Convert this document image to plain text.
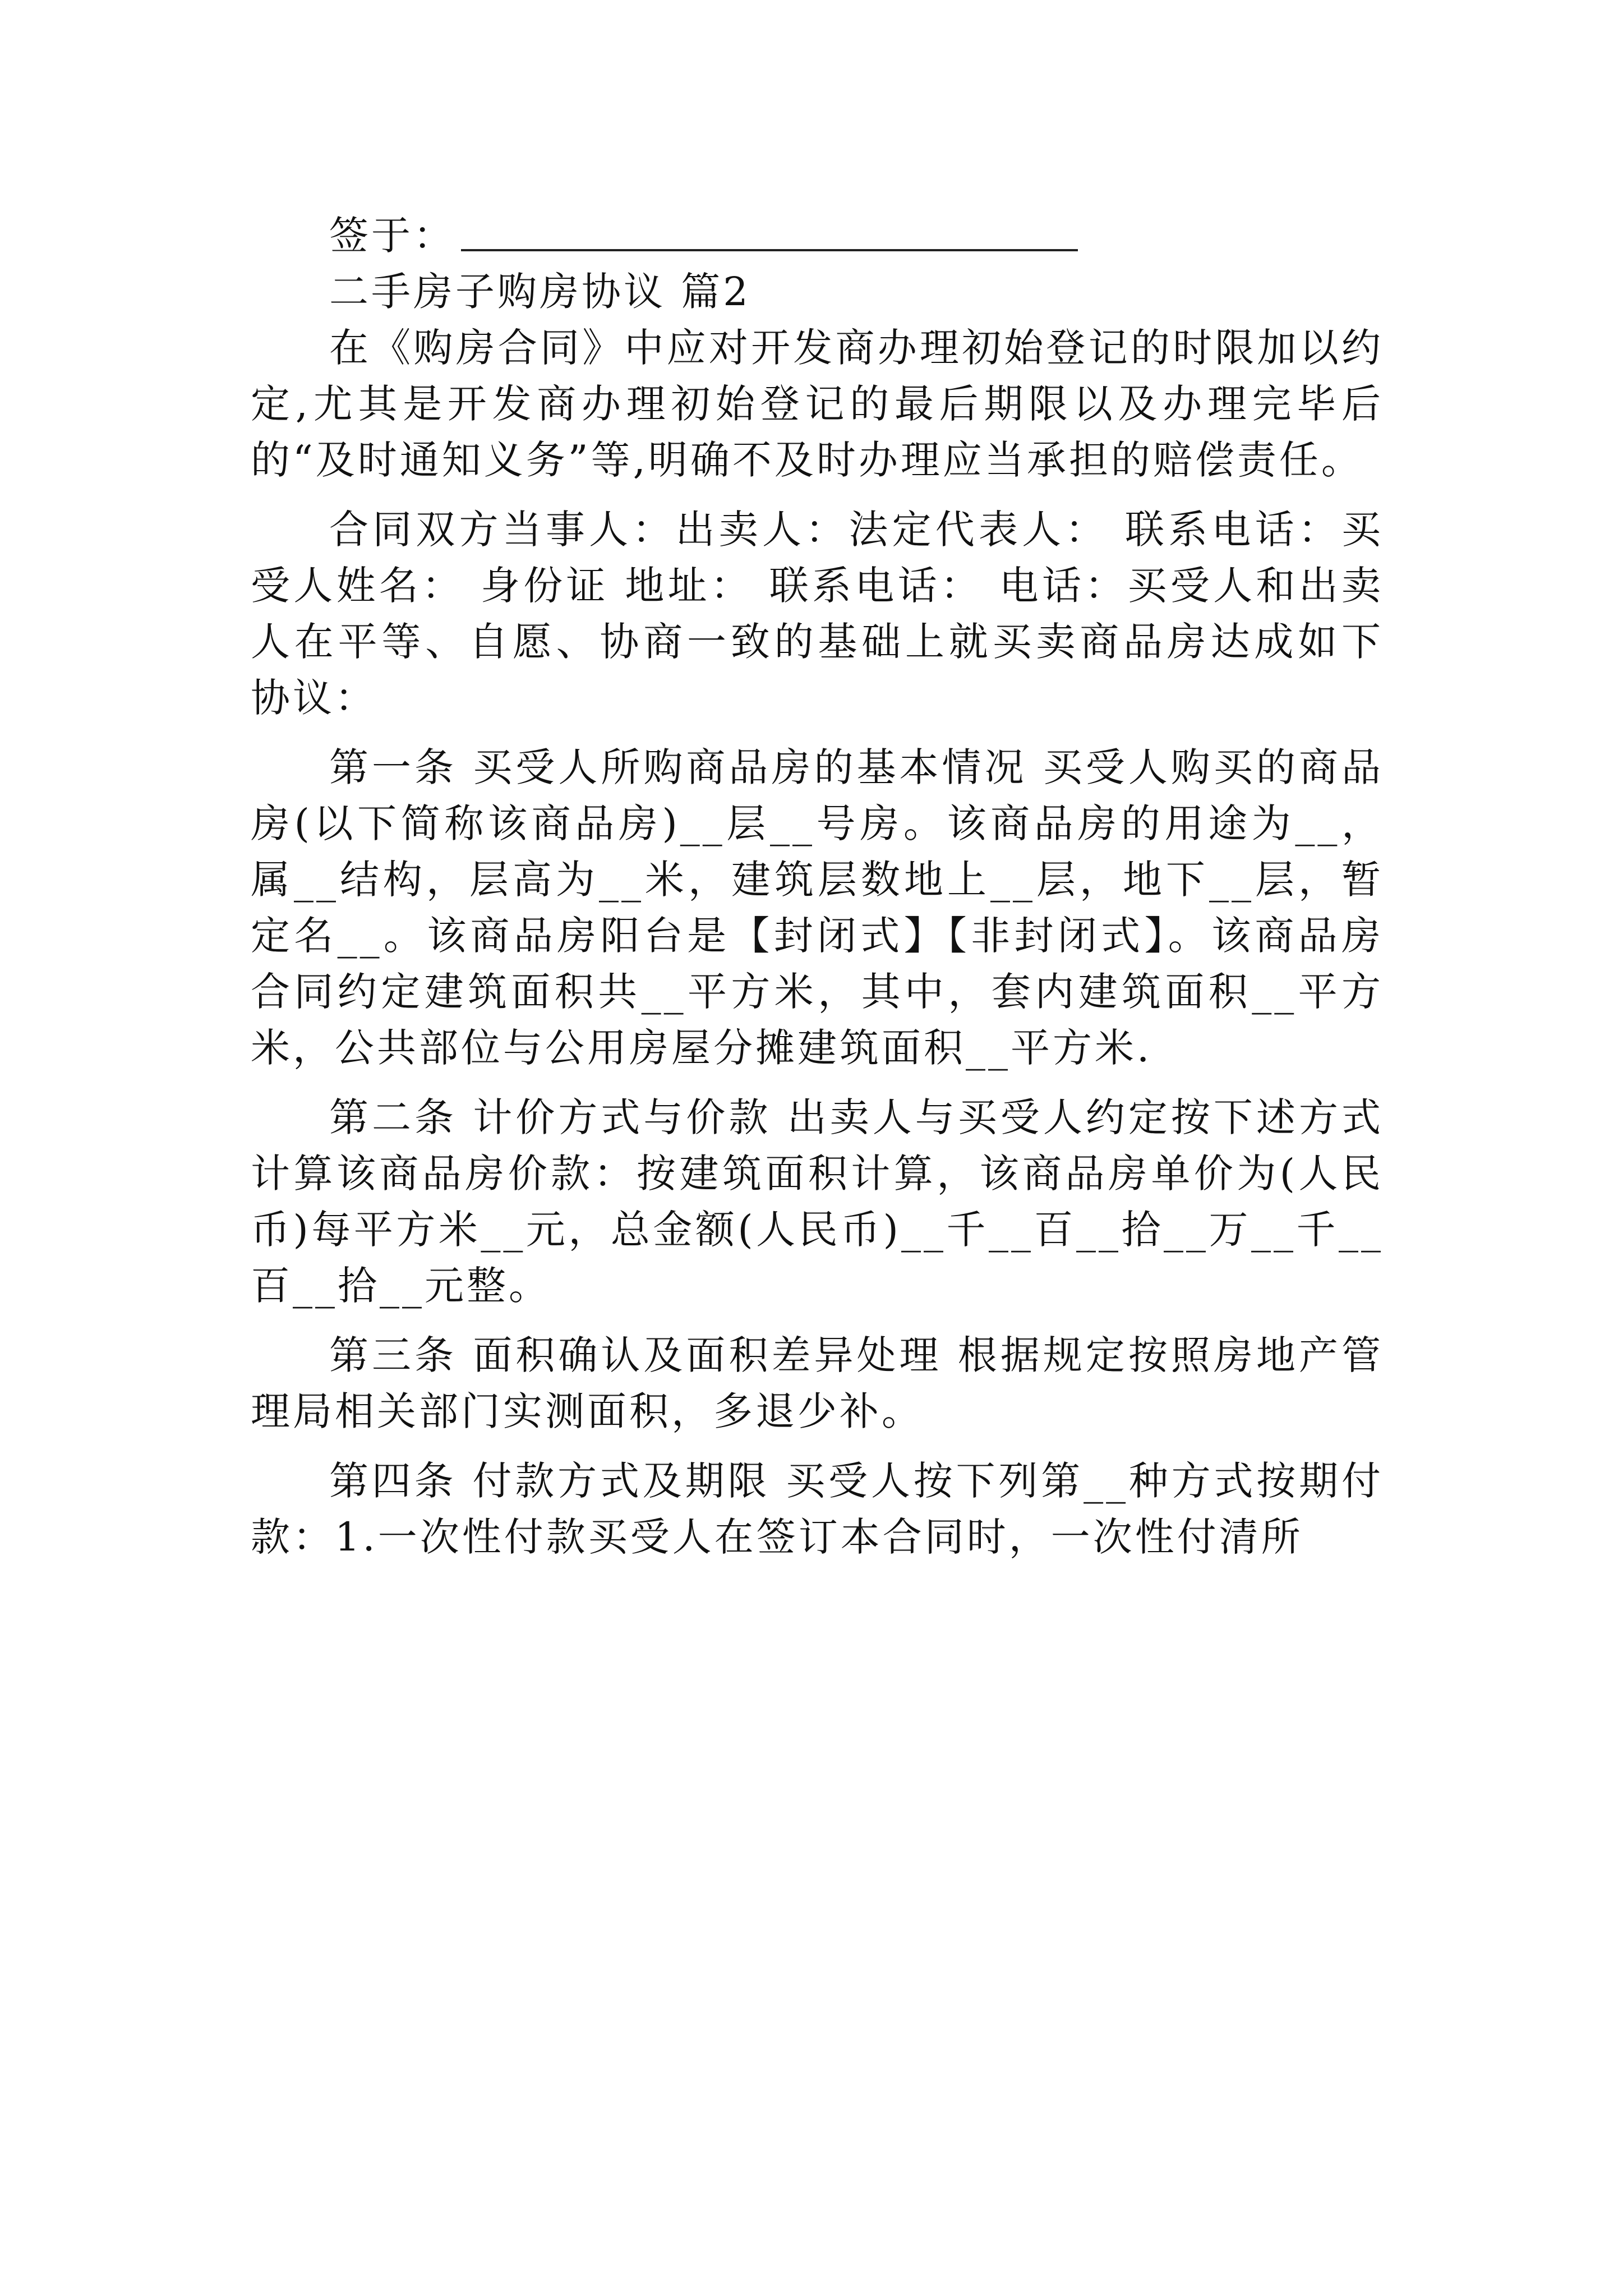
签于：
二手房子购房协议 篇2

在《购房合同》中应对开发商办理初始登记的时限加以约定,尤其是开发商办理初始登记的最后期限以及办理完毕后的“及时通知义务”等,明确不及时办理应当承担的赔偿责任。

合同双方当事人：出卖人：法定代表人： 联系电话：买受人姓名： 身份证 地址： 联系电话： 电话：买受人和出卖人在平等、自愿、协商一致的基础上就买卖商品房达成如下协议：

第一条 买受人所购商品房的基本情况 买受人购买的商品房(以下简称该商品房)__层__号房。该商品房的用途为__，属__结构，层高为__米，建筑层数地上__层，地下__层，暂定名__。该商品房阳台是【封闭式】【非封闭式】。该商品房合同约定建筑面积共__平方米，其中，套内建筑面积__平方米，公共部位与公用房屋分摊建筑面积__平方米.

第二条 计价方式与价款 出卖人与买受人约定按下述方式计算该商品房价款：按建筑面积计算，该商品房单价为(人民币)每平方米__元，总金额(人民币)__千__百__拾__万__千__百__拾__元整。

第三条 面积确认及面积差异处理 根据规定按照房地产管理局相关部门实测面积，多退少补。

第四条 付款方式及期限 买受人按下列第__种方式按期付款：1.一次性付款买受人在签订本合同时，一次性付清所
